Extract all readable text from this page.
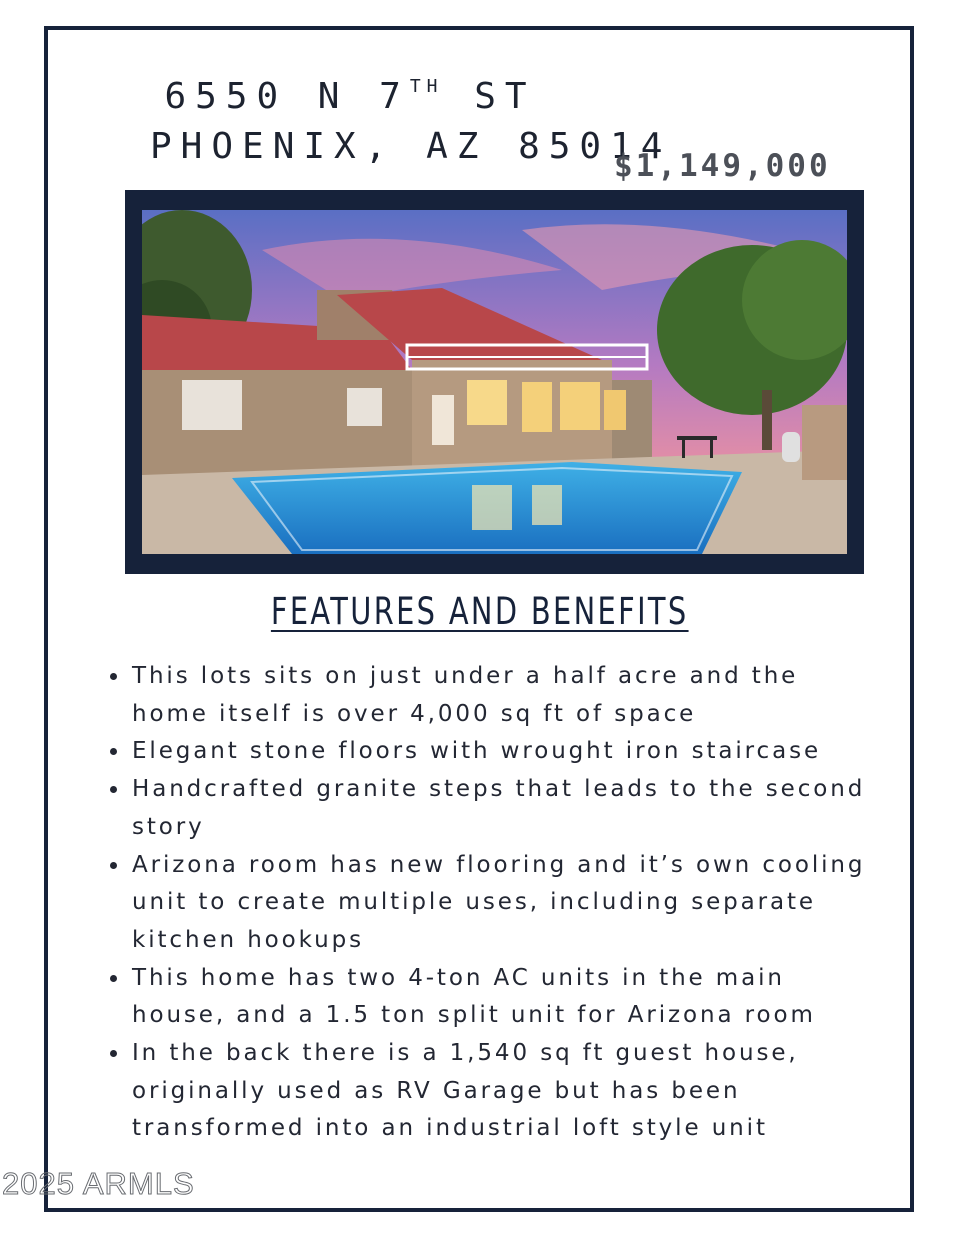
6550 N 7TH ST
PHOENIX, AZ 85014
$1,149,000
FEATURES AND BENEFITS
This lots sits on just under a half acre and the home itself is over 4,000 sq ft of space
Elegant stone floors with wrought iron staircase
Handcrafted granite steps that leads to the second story
Arizona room has new flooring and it’s own cooling unit to create multiple uses, including separate kitchen hookups
This home has two 4-ton AC units in the main house, and a 1.5 ton split unit for Arizona room
In the back there is a 1,540 sq ft guest house, originally used as RV Garage but has been transformed into an industrial loft style unit
2025 ARMLS
